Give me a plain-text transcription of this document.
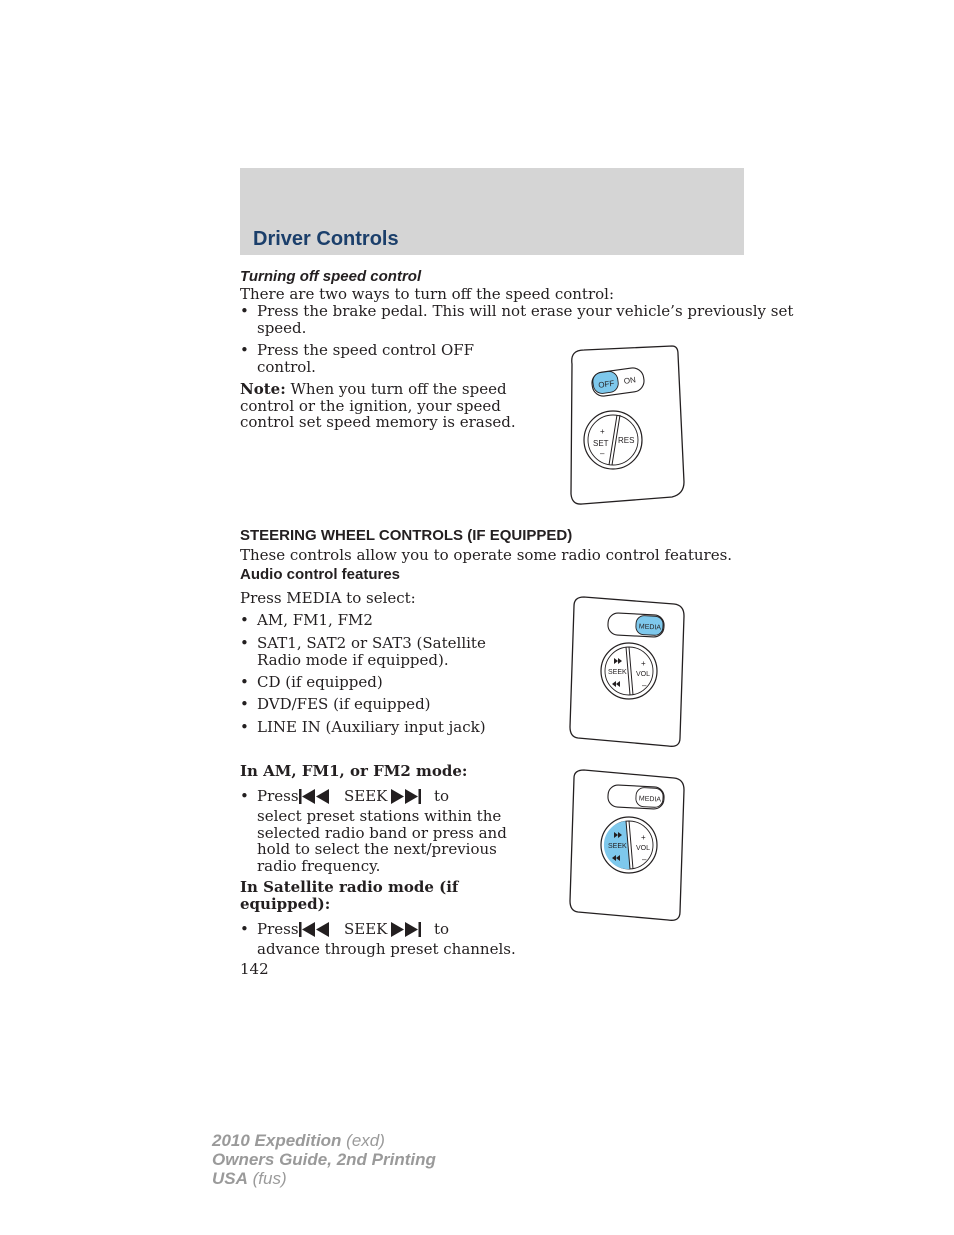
Driver Controls
Turning off speed control
There are two ways to turn off the speed control:
• Press the brake pedal. This will not erase your vehicle’s previously set
speed.
• Press the speed control OFF
control.
Note: When you turn off the speed
control or the ignition, your speed
control set speed memory is erased.
OFF ON
+
SET
–
RES
STEERING WHEEL CONTROLS (IF EQUIPPED)
These controls allow you to operate some radio control features.
Audio control features
Press MEDIA to select:
• AM, FM1, FM2
• SAT1, SAT2 or SAT3 (Satellite
Radio mode if equipped).
• CD (if equipped)
• DVD/FES (if equipped)
• LINE IN (Auxiliary input jack)
MEDIA
SEEK VOL
+
–
In AM, FM1, or FM2 mode:
• Press	SEEK	to
select preset stations within the
selected radio band or press and
hold to select the next/previous
radio frequency.
MEDIA
SEEK VOL
+
–
In Satellite radio mode (if
equipped):
• Press	SEEK	to
advance through preset channels.
142
2010 Expedition (exd)
Owners Guide, 2nd Printing
USA (fus)
